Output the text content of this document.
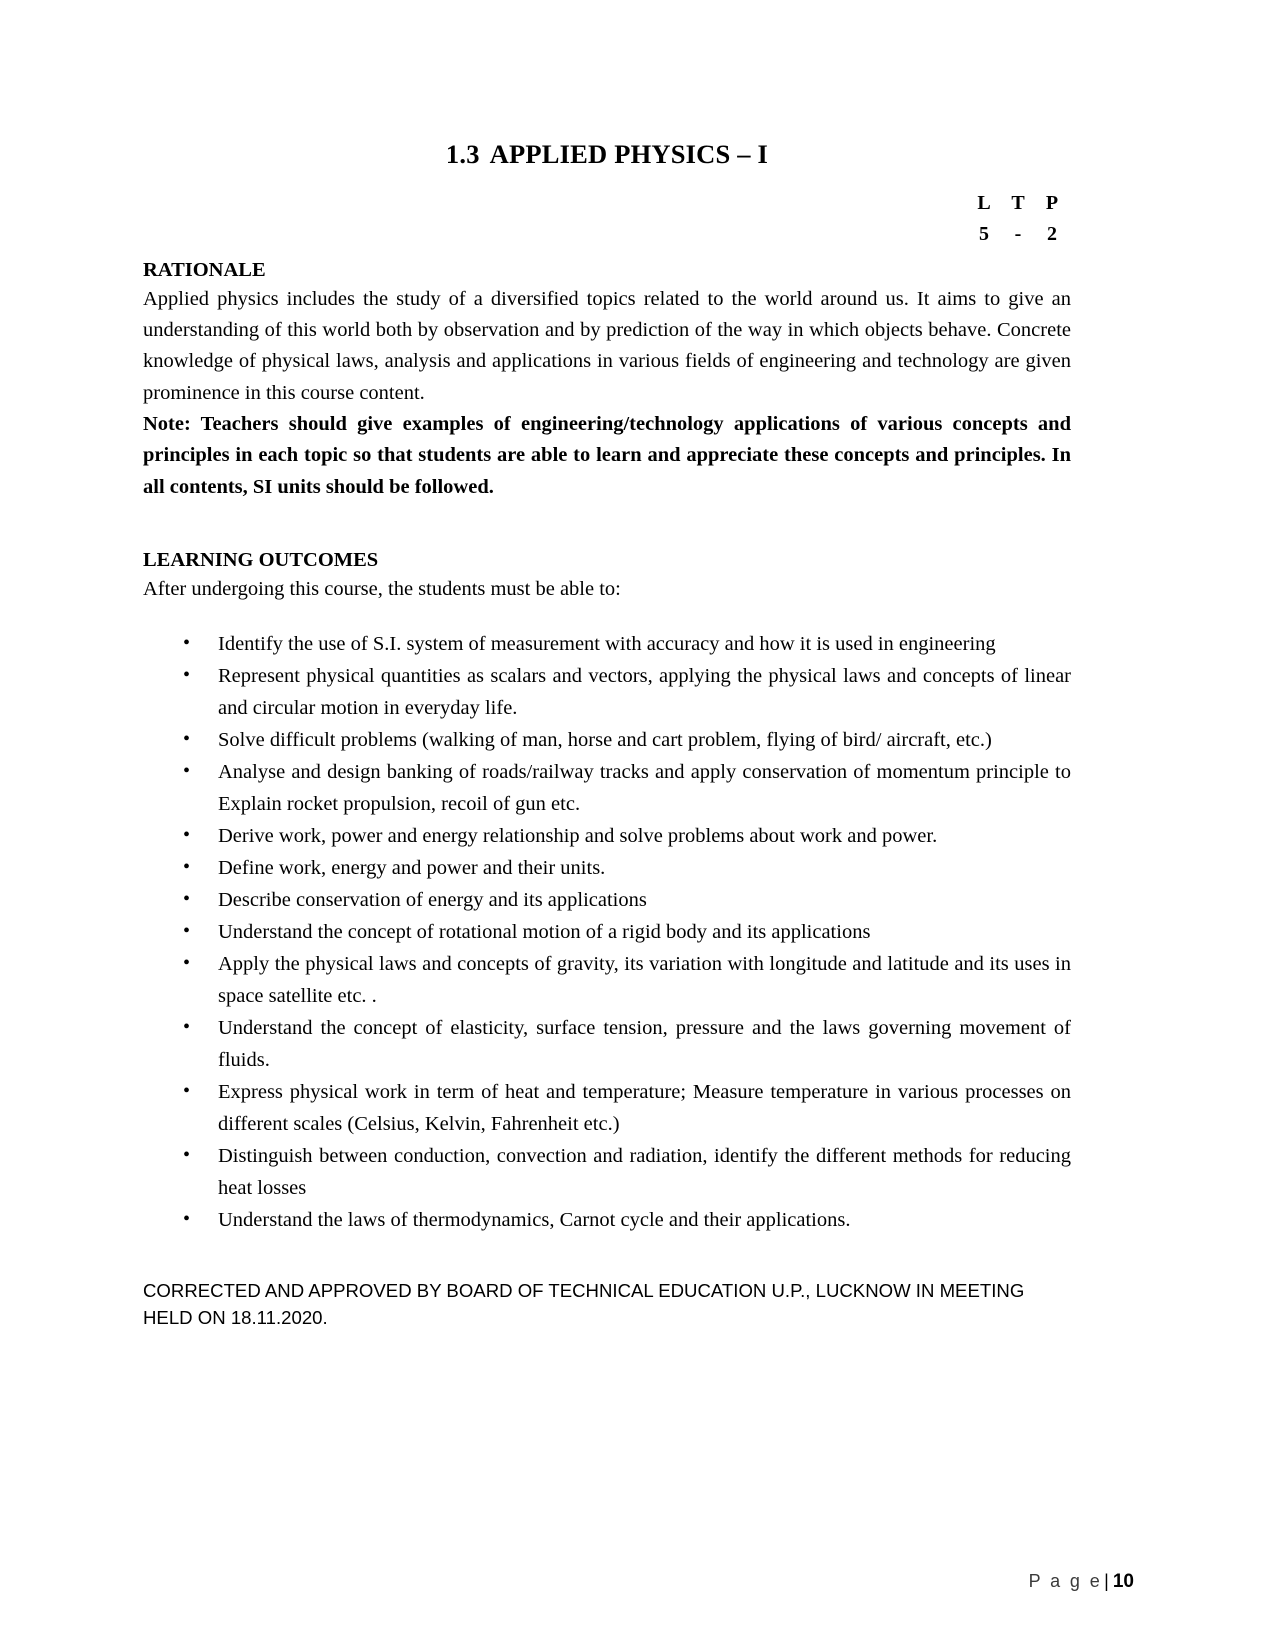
1.3 APPLIED PHYSICS – I
L T P
5 - 2
RATIONALE

Applied physics includes the study of a diversified topics related to the world around us. It aims to give an understanding of this world both by observation and by prediction of the way in which objects behave. Concrete knowledge of physical laws, analysis and applications in various fields of engineering and technology are given prominence in this course content.

Note: Teachers should give examples of engineering/technology applications of various concepts and principles in each topic so that students are able to learn and appreciate these concepts and principles. In all contents, SI units should be followed.

LEARNING OUTCOMES

After undergoing this course, the students must be able to:

• Identify the use of S.I. system of measurement with accuracy and how it is used in engineering
• Represent physical quantities as scalars and vectors, applying the physical laws and concepts of linear and circular motion in everyday life.
• Solve difficult problems (walking of man, horse and cart problem, flying of bird/ aircraft, etc.)
• Analyse and design banking of roads/railway tracks and apply conservation of momentum principle to Explain rocket propulsion, recoil of gun etc.
• Derive work, power and energy relationship and solve problems about work and power.
• Define work, energy and power and their units.
• Describe conservation of energy and its applications
• Understand the concept of rotational motion of a rigid body and its applications
• Apply the physical laws and concepts of gravity, its variation with longitude and latitude and its uses in space satellite etc. .
• Understand the concept of elasticity, surface tension, pressure and the laws governing movement of fluids.
• Express physical work in term of heat and temperature; Measure temperature in various processes on different scales (Celsius, Kelvin, Fahrenheit etc.)
• Distinguish between conduction, convection and radiation, identify the different methods for reducing heat losses
• Understand the laws of thermodynamics, Carnot cycle and their applications.
CORRECTED AND APPROVED BY BOARD OF TECHNICAL EDUCATION U.P., LUCKNOW IN MEETING
HELD ON 18.11.2020.
P a g e | 10
